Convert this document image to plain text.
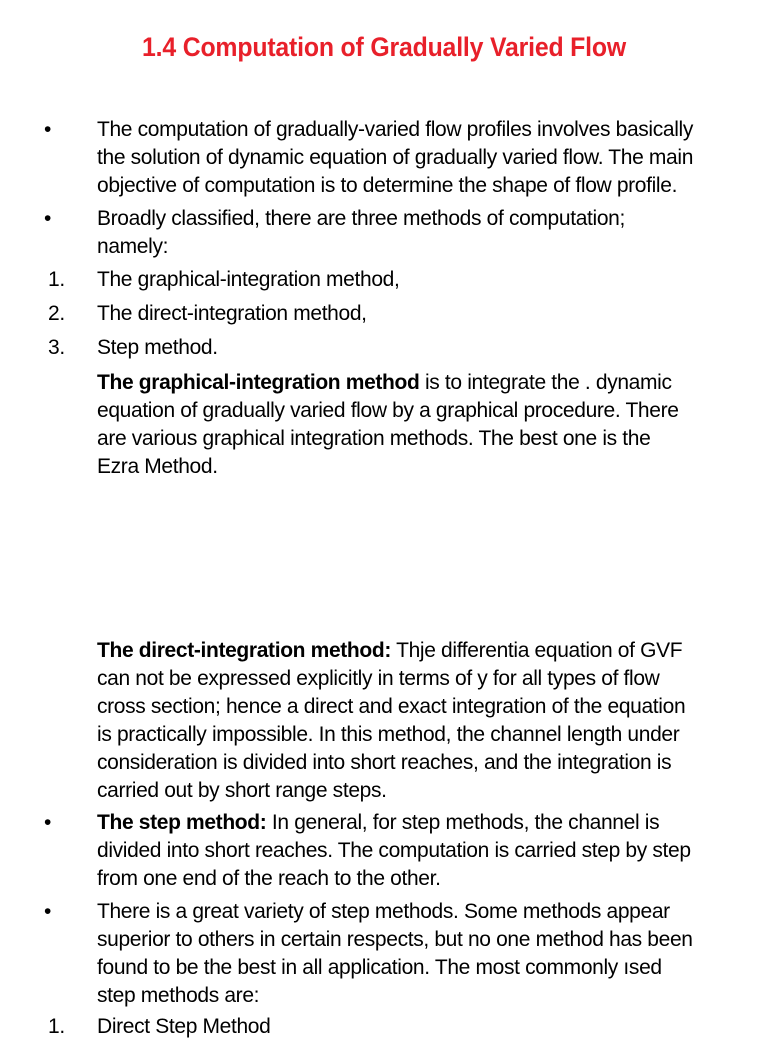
1.4 Computation of Gradually Varied Flow
•	The computation of gradually-varied flow profiles involves basically
the solution of dynamic equation of gradually varied flow. The main
objective of computation is to determine the shape of flow profile.
•	Broadly classified, there are three methods of computation;
namely:
1.	The graphical-integration method,
2.	The direct-integration method,
3.	Step method.
The graphical-integration method is to integrate the . dynamic
equation of gradually varied flow by a graphical procedure. There
are various graphical integration methods. The best one is the
Ezra Method.
The direct-integration method: Thje differentia equation of GVF
can not be expressed explicitly in terms of y for all types of flow
cross section; hence a direct and exact integration of the equation
is practically impossible. In this method, the channel length under
consideration is divided into short reaches, and the integration is
carried out by short range steps.
•	The step method: In general, for step methods, the channel is
divided into short reaches. The computation is carried step by step
from one end of the reach to the other.
•	There is a great variety of step methods. Some methods appear
superior to others in certain respects, but no one method has been
found to be the best in all application. The most commonly ısed
step methods are:
1.	Direct Step Method
